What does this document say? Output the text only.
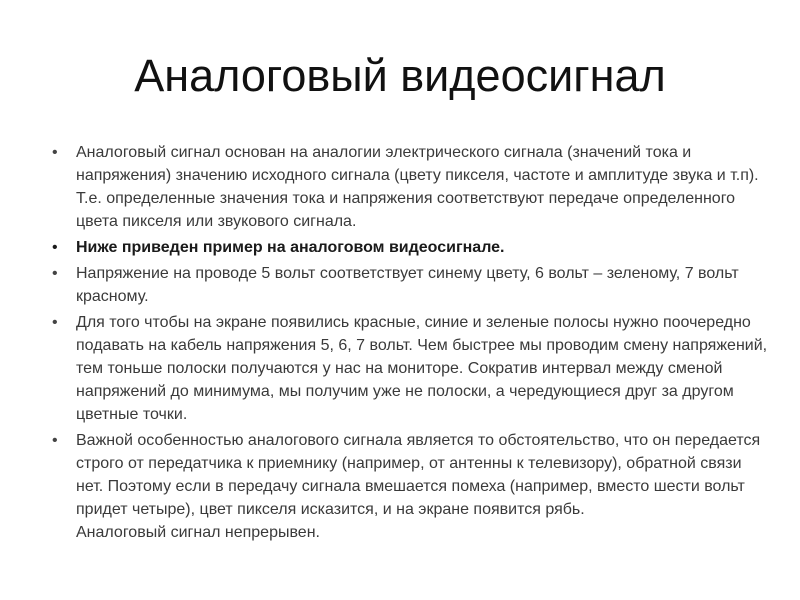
Аналоговый видеосигнал
•	Аналоговый сигнал основан на аналогии электрического сигнала (значений тока и напряжения) значению исходного сигнала (цвету пикселя, частоте и амплитуде звука и т.п). Т.е. определенные значения тока и напряжения соответствуют передаче определенного цвета пикселя или звукового сигнала.
•	Ниже приведен пример на аналоговом видеосигнале.
•	Напряжение на проводе 5 вольт соответствует синему цвету, 6 вольт – зеленому, 7 вольт красному.
•	Для того чтобы на экране появились красные, синие и зеленые полосы нужно поочередно подавать на кабель напряжения 5, 6, 7 вольт. Чем быстрее мы проводим смену напряжений, тем тоньше полоски получаются у нас на мониторе. Сократив интервал между сменой напряжений до минимума, мы получим уже не полоски, а чередующиеся друг за другом цветные точки.
•	Важной особенностью аналогового сигнала является то обстоятельство, что он передается строго от передатчика к приемнику (например, от антенны к телевизору), обратной связи нет. Поэтому если в передачу сигнала вмешается помеха (например, вместо шести вольт придет четыре), цвет пикселя исказится, и на экране появится рябь.
Аналоговый сигнал непрерывен.
